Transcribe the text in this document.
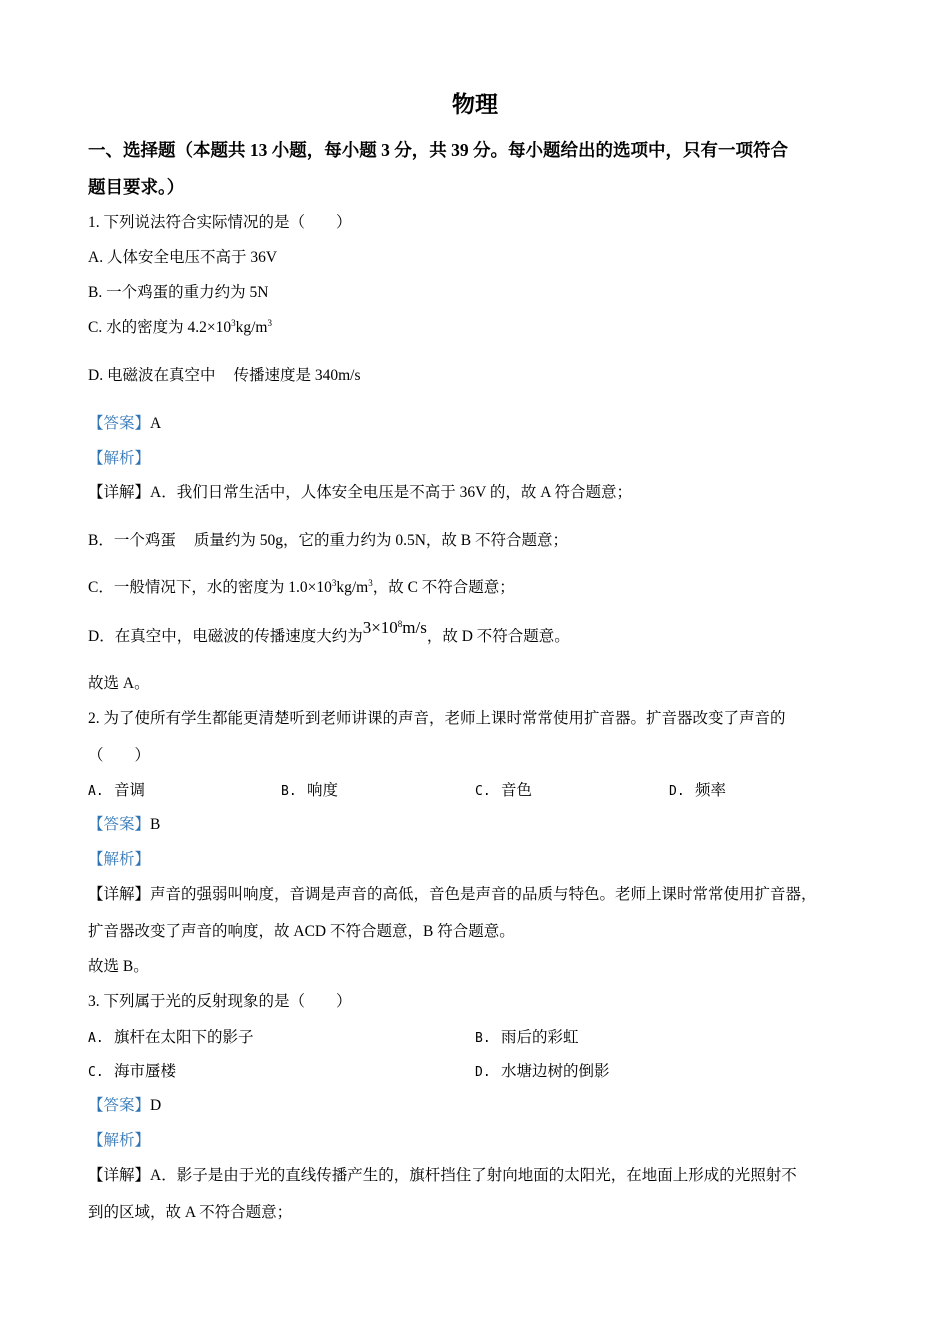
物理
一、选择题（本题共 13 小题，每小题 3 分，共 39 分。每小题给出的选项中，只有一项符合
题目要求。）
1. 下列说法符合实际情况的是（　　）
A. 人体安全电压不高于 36V
B. 一个鸡蛋的重力约为 5N
C. 水的密度为 $4.2\times 10^3kg/m^3$
D. 电磁波在真空中 传播速度是 340m/s
【答案】A
【解析】
【详解】A．我们日常生活中，人体安全电压是不高于 36V 的，故 A 符合题意；
B．一个鸡蛋 质量约为 50g，它的重力约为 0.5N，故 B 不符合题意；
C．一般情况下，水的密度为 $1.0\times 10^3kg/m^3$，故 C 不符合题意；
D．在真空中，电磁波的传播速度大约为$3\times 10^8m/s$，故 D 不符合题意。
故选 A。
2. 为了使所有学生都能更清楚听到老师讲课的声音，老师上课时常常使用扩音器。扩音器改变了声音的
（　　）
A. 音调	B. 响度	C. 音色	D. 频率
【答案】B
【解析】
【详解】声音的强弱叫响度，音调是声音的高低，音色是声音的品质与特色。老师上课时常常使用扩音器，
扩音器改变了声音的响度，故 ACD 不符合题意，B 符合题意。
故选 B。
3. 下列属于光的反射现象的是（　　）
A. 旗杆在太阳下的影子	B. 雨后的彩虹
C. 海市蜃楼	D. 水塘边树的倒影
【答案】D
【解析】
【详解】A．影子是由于光的直线传播产生的，旗杆挡住了射向地面的太阳光，在地面上形成的光照射不
到的区域，故 A 不符合题意；
